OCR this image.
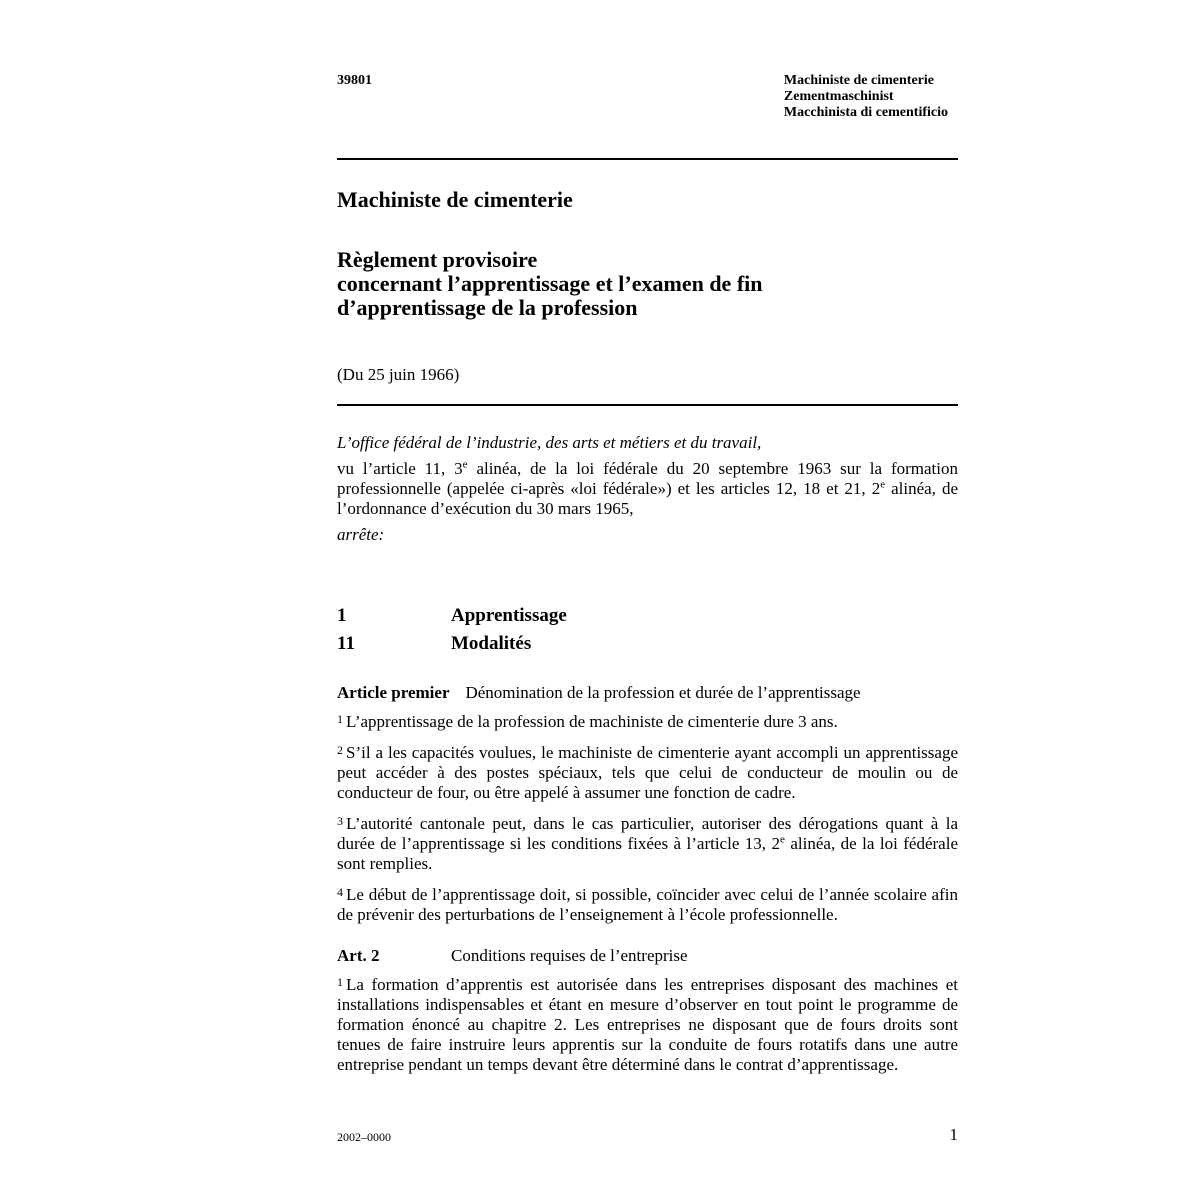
39801	Machiniste de cimenterie
Zementmaschinist
Macchinista di cementificio
Machiniste de cimenterie
Règlement provisoire
concernant l’apprentissage et l’examen de fin
d’apprentissage de la profession
(Du 25 juin 1966)
L’office fédéral de l’industrie, des arts et métiers et du travail,
vu l’article 11, 3e alinéa, de la loi fédérale du 20 septembre 1963 sur la formation professionnelle (appelée ci-après «loi fédérale») et les articles 12, 18 et 21, 2e alinéa, de l’ordonnance d’exécution du 30 mars 1965,
arrête:
1	Apprentissage
11	Modalités
Article premier Dénomination de la profession et durée de l’apprentissage
$^1$ L’apprentissage de la profession de machiniste de cimenterie dure 3 ans.
$^2$ S’il a les capacités voulues, le machiniste de cimenterie ayant accompli un apprentissage peut accéder à des postes spéciaux, tels que celui de conducteur de moulin ou de conducteur de four, ou être appelé à assumer une fonction de cadre.
$^3$ L’autorité cantonale peut, dans le cas particulier, autoriser des dérogations quant à la durée de l’apprentissage si les conditions fixées à l’article 13, 2e alinéa, de la loi fédérale sont remplies.
$^4$ Le début de l’apprentissage doit, si possible, coïncider avec celui de l’année scolaire afin de prévenir des perturbations de l’enseignement à l’école professionnelle.
Art. 2	Conditions requises de l’entreprise
$^1$ La formation d’apprentis est autorisée dans les entreprises disposant des machines et installations indispensables et étant en mesure d’observer en tout point le programme de formation énoncé au chapitre 2. Les entreprises ne disposant que de fours droits sont tenues de faire instruire leurs apprentis sur la conduite de fours rotatifs dans une autre entreprise pendant un temps devant être déterminé dans le contrat d’apprentissage.
2002–0000	1
